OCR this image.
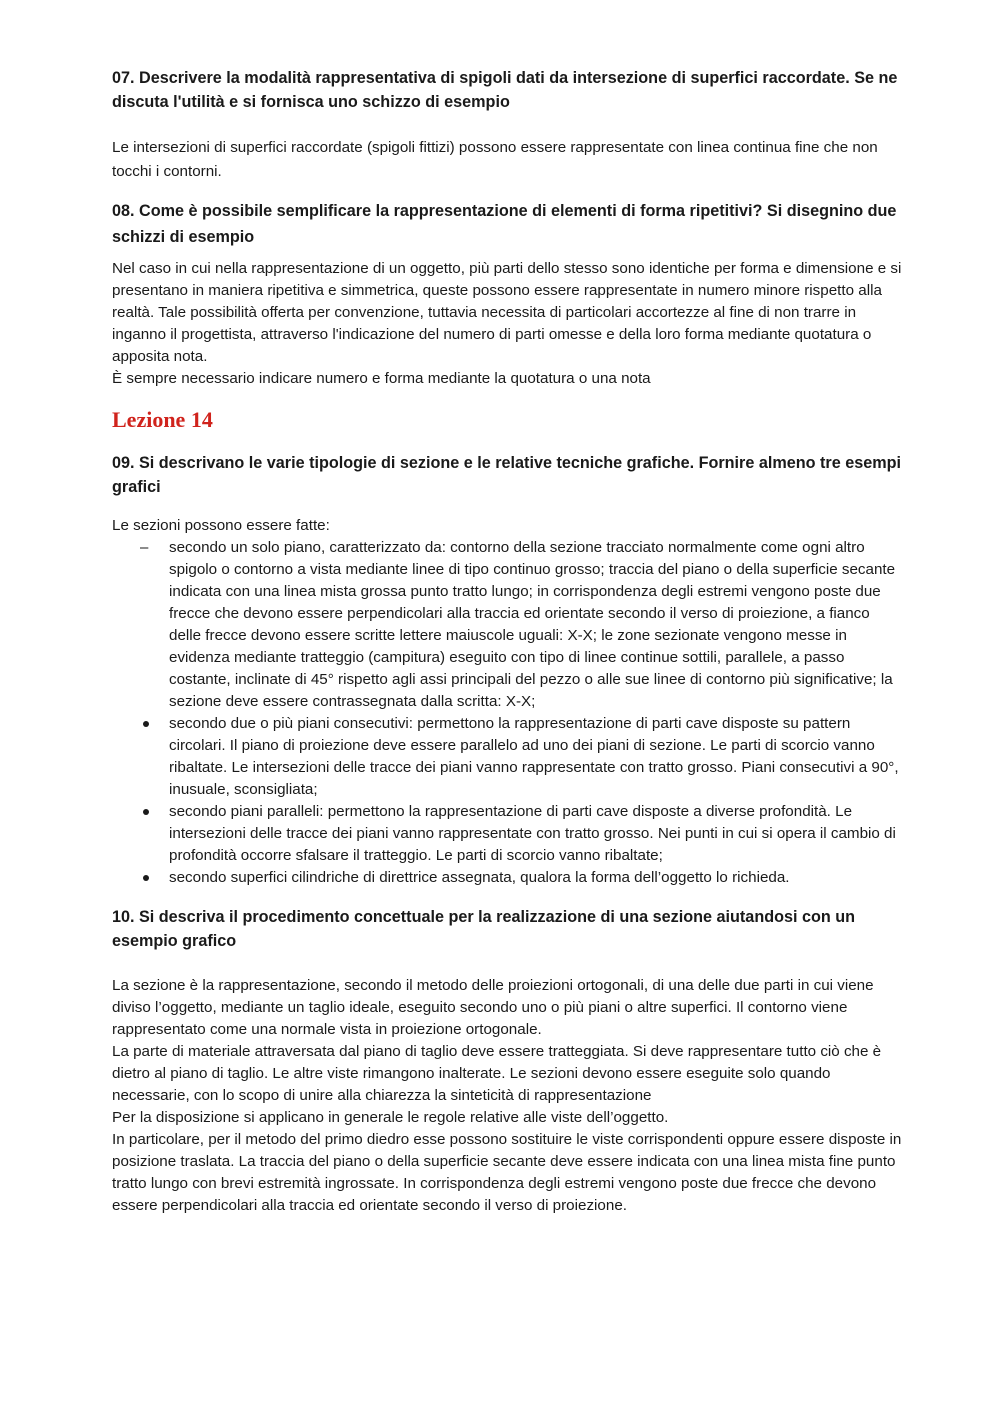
07. Descrivere la modalità rappresentativa di spigoli dati da intersezione di superfici raccordate. Se ne discuta l'utilità e si fornisca uno schizzo di esempio

Le intersezioni di superfici raccordate (spigoli fittizi) possono essere rappresentate con linea continua fine che non tocchi i contorni.

08. Come è possibile semplificare la rappresentazione di elementi di forma ripetitivi? Si disegnino due schizzi di esempio

Nel caso in cui nella rappresentazione di un oggetto, più parti dello stesso sono identiche per forma e dimensione e si presentano in maniera ripetitiva e simmetrica, queste possono essere rappresentate in numero minore rispetto alla realtà. Tale possibilità offerta per convenzione, tuttavia necessita di particolari accortezze al fine di non trarre in inganno il progettista, attraverso l'indicazione del numero di parti omesse e della loro forma mediante quotatura o apposita nota.

È sempre necessario indicare numero e forma mediante la quotatura o una nota

Lezione 14
09. Si descrivano le varie tipologie di sezione e le relative tecniche grafiche. Fornire almeno tre esempi grafici

Le sezioni possono essere fatte:

–	secondo un solo piano, caratterizzato da: contorno della sezione tracciato normalmente come ogni altro spigolo o contorno a vista mediante linee di tipo continuo grosso; traccia del piano o della superficie secante indicata con una linea mista grossa punto tratto lungo; in corrispondenza degli estremi vengono poste due frecce che devono essere perpendicolari alla traccia ed orientate secondo il verso di proiezione, a fianco delle frecce devono essere scritte lettere maiuscole uguali: X-X; le zone sezionate vengono messe in evidenza mediante tratteggio (campitura) eseguito con tipo di linee continue sottili, parallele, a passo costante, inclinate di 45° rispetto agli assi principali del pezzo o alle sue linee di contorno più significative; la sezione deve essere contrassegnata dalla scritta: X-X;
secondo due o più piani consecutivi: permettono la rappresentazione di parti cave disposte su pattern circolari. Il piano di proiezione deve essere parallelo ad uno dei piani di sezione. Le parti di scorcio vanno ribaltate. Le intersezioni delle tracce dei piani vanno rappresentate con tratto grosso. Piani consecutivi a 90°, inusuale, sconsigliata;
secondo piani paralleli: permettono la rappresentazione di parti cave disposte a diverse profondità. Le intersezioni delle tracce dei piani vanno rappresentate con tratto grosso. Nei punti in cui si opera il cambio di profondità occorre sfalsare il tratteggio. Le parti di scorcio vanno ribaltate;
secondo superfici cilindriche di direttrice assegnata, qualora la forma dell’oggetto lo richieda.
10. Si descriva il procedimento concettuale per la realizzazione di una sezione aiutandosi con un esempio grafico

La sezione è la rappresentazione, secondo il metodo delle proiezioni ortogonali, di una delle due parti in cui viene diviso l’oggetto, mediante un taglio ideale, eseguito secondo uno o più piani o altre superfici. Il contorno viene rappresentato come una normale vista in proiezione ortogonale.

La parte di materiale attraversata dal piano di taglio deve essere tratteggiata. Si deve rappresentare tutto ciò che è dietro al piano di taglio. Le altre viste rimangono inalterate. Le sezioni devono essere eseguite solo quando necessarie, con lo scopo di unire alla chiarezza la sinteticità di rappresentazione

Per la disposizione si applicano in generale le regole relative alle viste dell’oggetto.

In particolare, per il metodo del primo diedro esse possono sostituire le viste corrispondenti oppure essere disposte in posizione traslata. La traccia del piano o della superficie secante deve essere indicata con una linea mista fine punto tratto lungo con brevi estremità ingrossate. In corrispondenza degli estremi vengono poste due frecce che devono essere perpendicolari alla traccia ed orientate secondo il verso di proiezione.
